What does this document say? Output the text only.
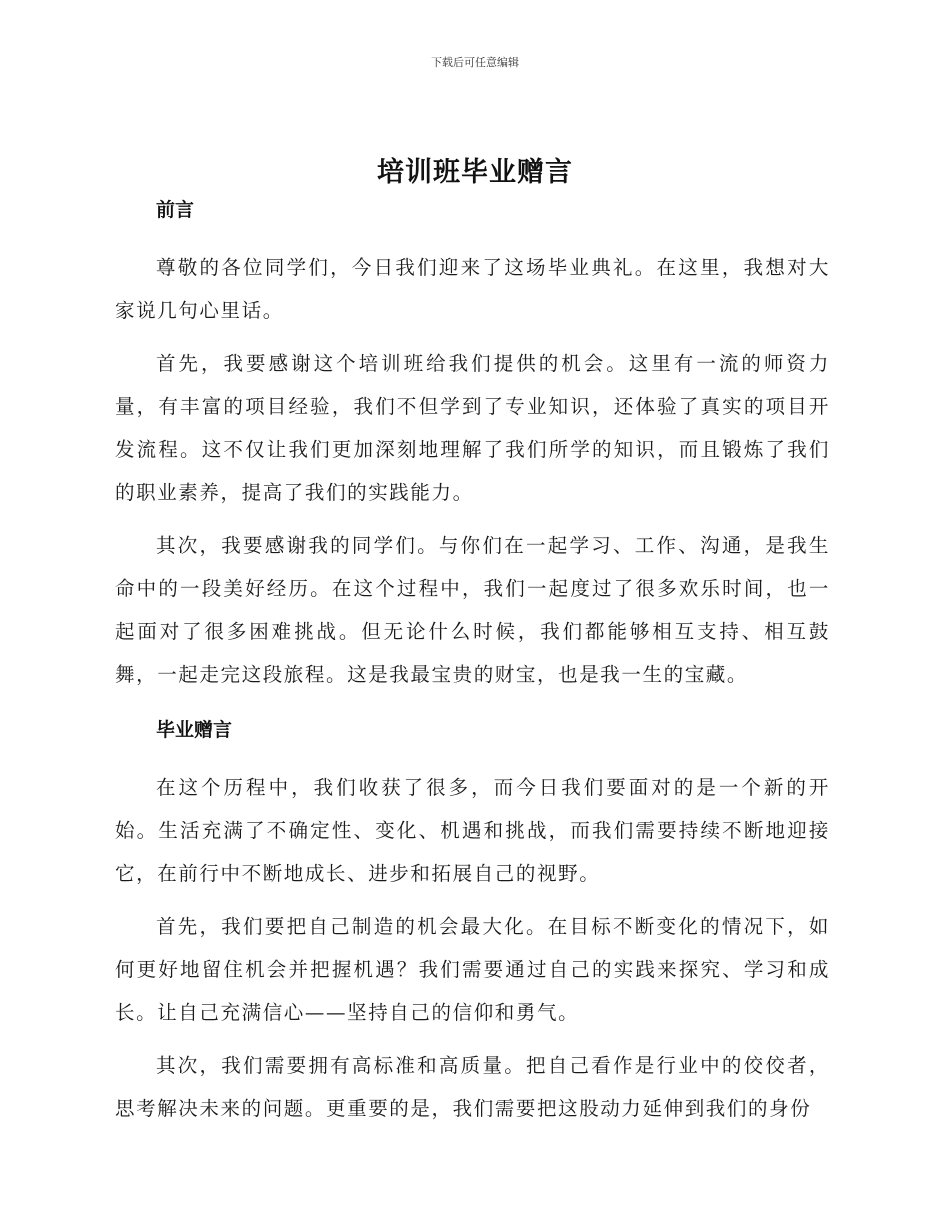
下载后可任意编辑
培训班毕业赠言
前言

尊敬的各位同学们，今日我们迎来了这场毕业典礼。在这里，我想对大家说几句心里话。

首先，我要感谢这个培训班给我们提供的机会。这里有一流的师资力量，有丰富的项目经验，我们不但学到了专业知识，还体验了真实的项目开发流程。这不仅让我们更加深刻地理解了我们所学的知识，而且锻炼了我们的职业素养，提高了我们的实践能力。

其次，我要感谢我的同学们。与你们在一起学习、工作、沟通，是我生命中的一段美好经历。在这个过程中，我们一起度过了很多欢乐时间，也一起面对了很多困难挑战。但无论什么时候，我们都能够相互支持、相互鼓舞，一起走完这段旅程。这是我最宝贵的财宝，也是我一生的宝藏。

毕业赠言

在这个历程中，我们收获了很多，而今日我们要面对的是一个新的开始。生活充满了不确定性、变化、机遇和挑战，而我们需要持续不断地迎接它，在前行中不断地成长、进步和拓展自己的视野。

首先，我们要把自己制造的机会最大化。在目标不断变化的情况下，如何更好地留住机会并把握机遇？我们需要通过自己的实践来探究、学习和成长。让自己充满信心——坚持自己的信仰和勇气。

其次，我们需要拥有高标准和高质量。把自己看作是行业中的佼佼者，思考解决未来的问题。更重要的是，我们需要把这股动力延伸到我们的身份
